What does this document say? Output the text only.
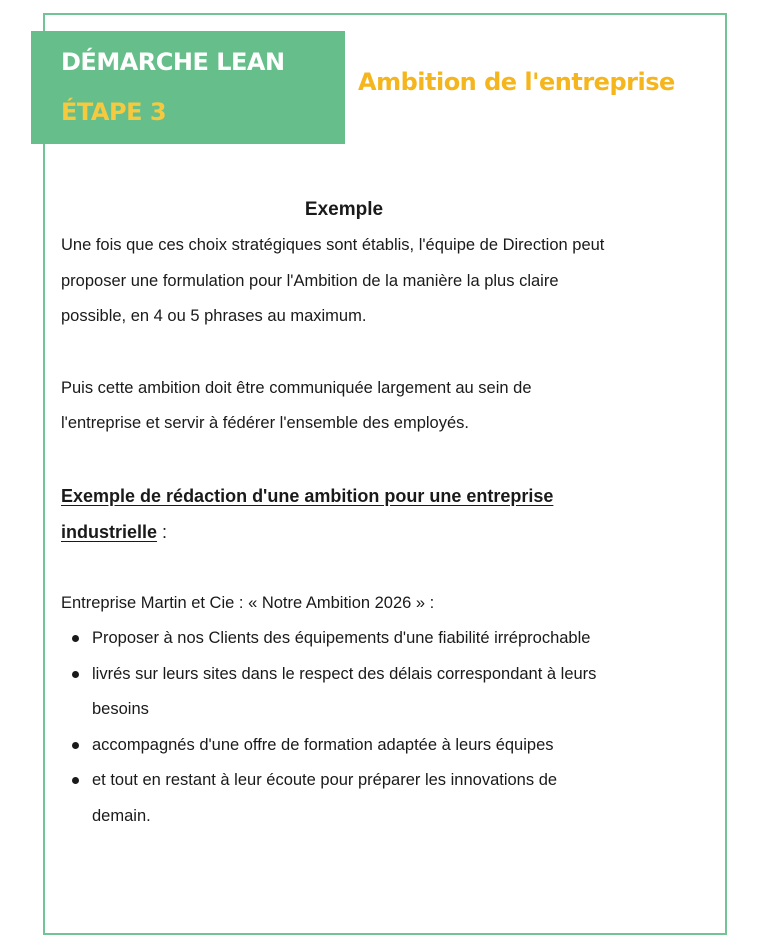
DÉMARCHE LEAN
ÉTAPE 3
Ambition de l'entreprise
Exemple

Une fois que ces choix stratégiques sont établis, l'équipe de Direction peut
proposer une formulation pour l'Ambition de la manière la plus claire
possible, en 4 ou 5 phrases au maximum.

Puis cette ambition doit être communiquée largement au sein de
l'entreprise et servir à fédérer l'ensemble des employés.

Exemple de rédaction d'une ambition pour une entreprise
industrielle :

Entreprise Martin et Cie : « Notre Ambition 2026 » :

Proposer à nos Clients des équipements d'une fiabilité irréprochable
livrés sur leurs sites dans le respect des délais correspondant à leurs
besoins
accompagnés d'une offre de formation adaptée à leurs équipes
et tout en restant à leur écoute pour préparer les innovations de
demain.
